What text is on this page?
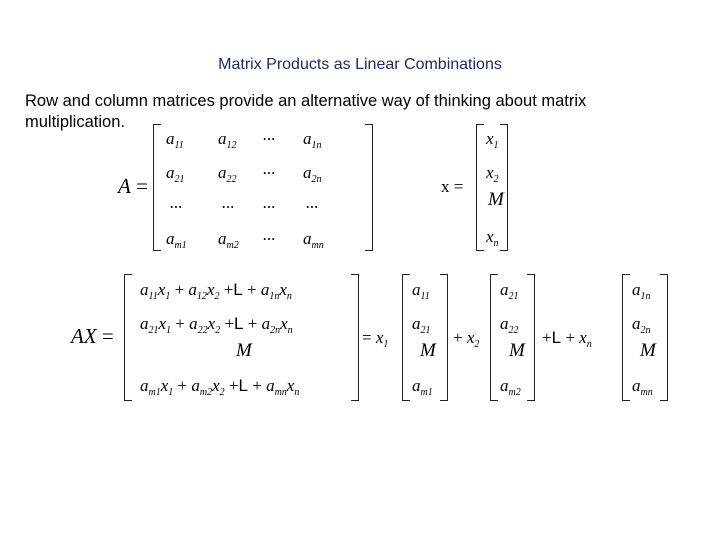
Matrix Products as Linear Combinations
Row and column matrices provide an alternative way of thinking about matrix multiplication.
A =
$a_{11}$ $a_{12}$
... $a_{1n}$
$a_{21}$ $a_{22}$
... $a_{2n}$
... ... ... ...
$a_{m1}$ $a_{m2}$
... $a_{mn}$
x =
$x_1$
$x_2$
M
$x_n$
AX =
$a_{11}x_1 + a_{12}x_2 +L + a_{1n}x_n$
$a_{21}x_1 + a_{22}x_2 +L + a_{2n}x_n$
M
$a_{m1}x_1 + a_{m2}x_2 +L + a_{mn}x_n$
= $x_1$
$a_{11}$
$a_{21}$
M
$a_{m1}$
+ $x_2$
$a_{21}$
$a_{22}$
M
$a_{m2}$
$+L + x_n$
$a_{1n}$
$a_{2n}$
M
$a_{mn}$
